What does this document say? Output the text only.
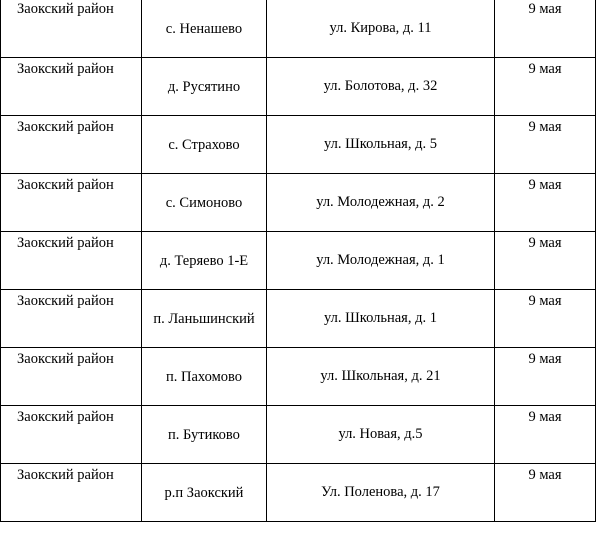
Заокский район	с. Ненашево	ул. Кирова, д. 11	9 мая
Заокский район	д. Русятино	ул. Болотова, д. 32	9 мая
Заокский район	с. Страхово	ул. Школьная, д. 5	9 мая
Заокский район	с. Симоново	ул. Молодежная, д. 2	9 мая
Заокский район	д. Теряево 1-Е	ул. Молодежная, д. 1	9 мая
Заокский район	п. Ланьшинский	ул. Школьная, д. 1	9 мая
Заокский район	п. Пахомово	ул. Школьная, д. 21	9 мая
Заокский район	п. Бутиково	ул. Новая, д.5	9 мая
Заокский район	р.п Заокский	Ул. Поленова, д. 17	9 мая
